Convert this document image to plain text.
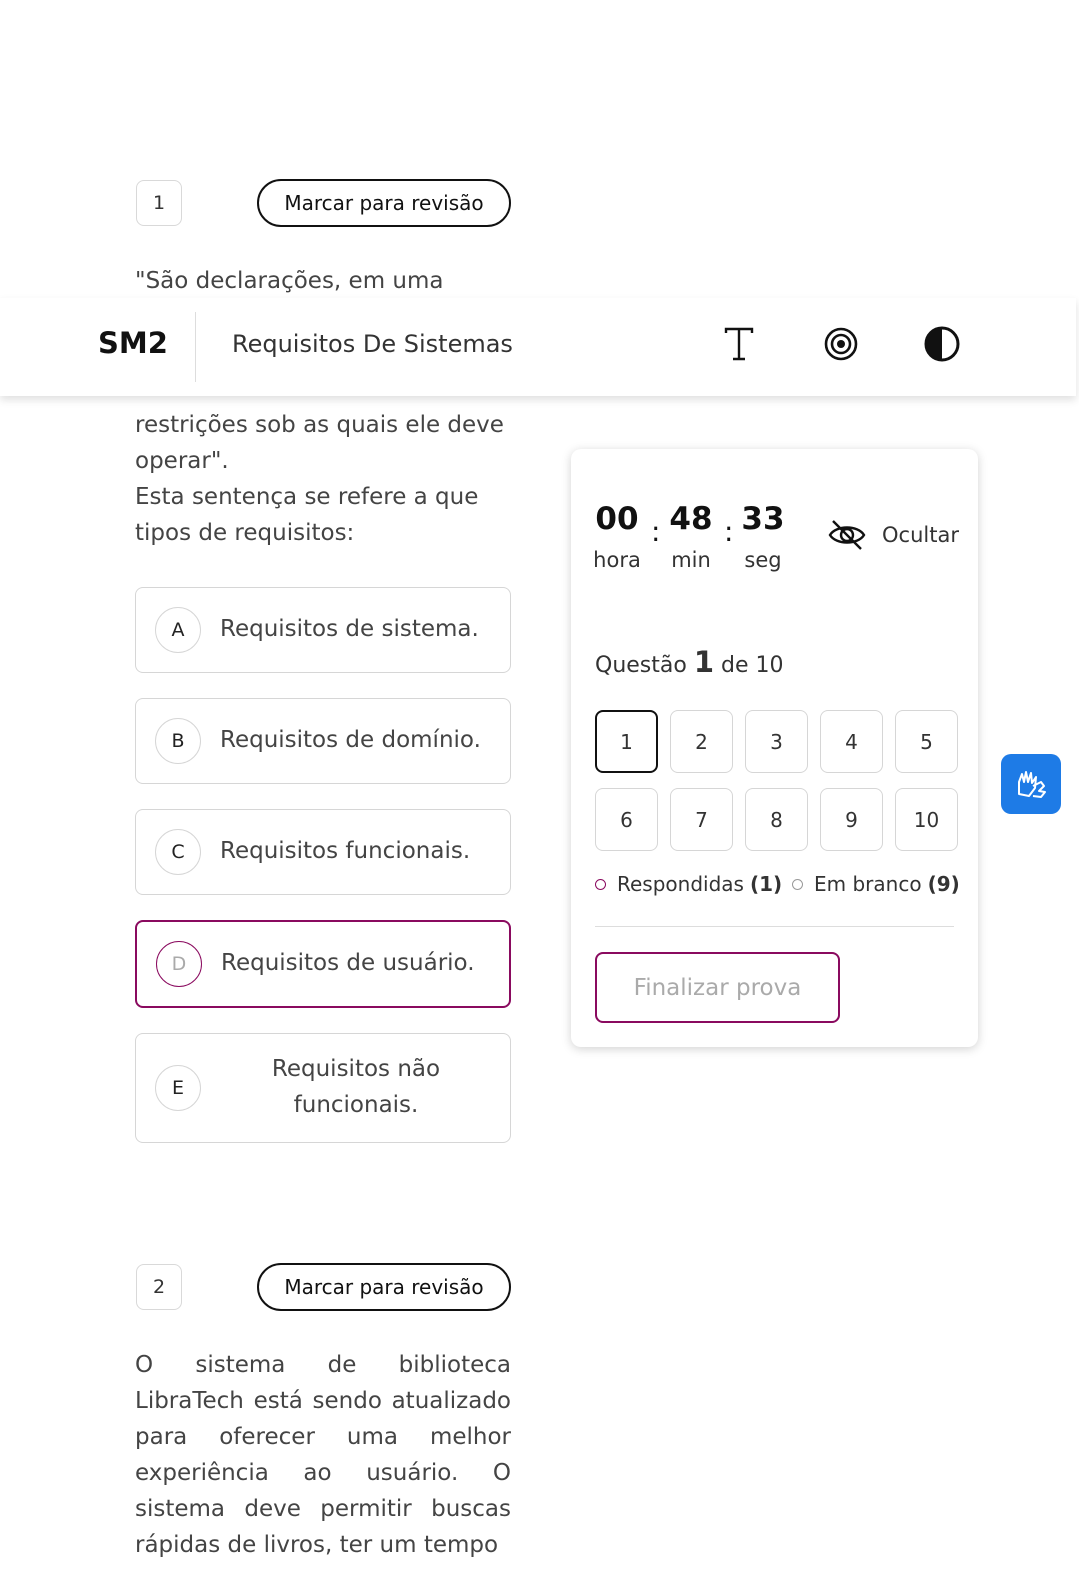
1	Marcar para revisão
"São declarações, em uma
SM2	Requisitos De Sistemas
restrições sob as quais ele deve operar".
Esta sentença se refere a que tipos de requisitos:
A	Requisitos de sistema.
B	Requisitos de domínio.
C	Requisitos funcionais.
D	Requisitos de usuário.
E
Requisitos não funcionais.
2	Marcar para revisão
O sistema de biblioteca LibraTech está sendo atualizado para oferecer uma melhor experiência ao usuário. O sistema deve permitir buscas rápidas de livros, ter um tempo
00
hora
: 48
min
: 33
seg
Ocultar
Questão 1 de 10
1	2	3	4	5
6	7	8	9	10
Respondidas (1) Em branco (9)
Finalizar prova
